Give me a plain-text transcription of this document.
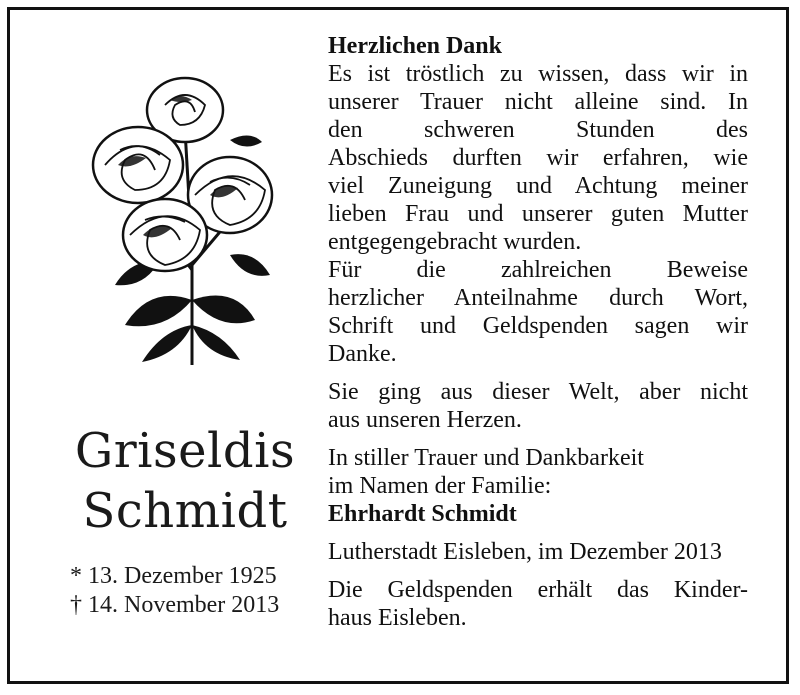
Griseldis
Schmidt
* 13. Dezember 1925
† 14. November 2013

Herzlichen Dank

Es ist tröstlich zu wissen, dass wir in

unserer Trauer nicht alleine sind. In

den schweren Stunden des

Abschieds durften wir erfahren, wie

viel Zuneigung und Achtung meiner

lieben Frau und unserer guten Mutter

entgegengebracht wurden.

Für die zahlreichen Beweise

herzlicher Anteilnahme durch Wort,

Schrift und Geldspenden sagen wir

Danke.

Sie ging aus dieser Welt, aber nicht

aus unseren Herzen.

In stiller Trauer und Dankbarkeit

im Namen der Familie:

Ehrhardt Schmidt

Lutherstadt Eisleben, im Dezember 2013

Die Geldspenden erhält das Kinder-

haus Eisleben.
